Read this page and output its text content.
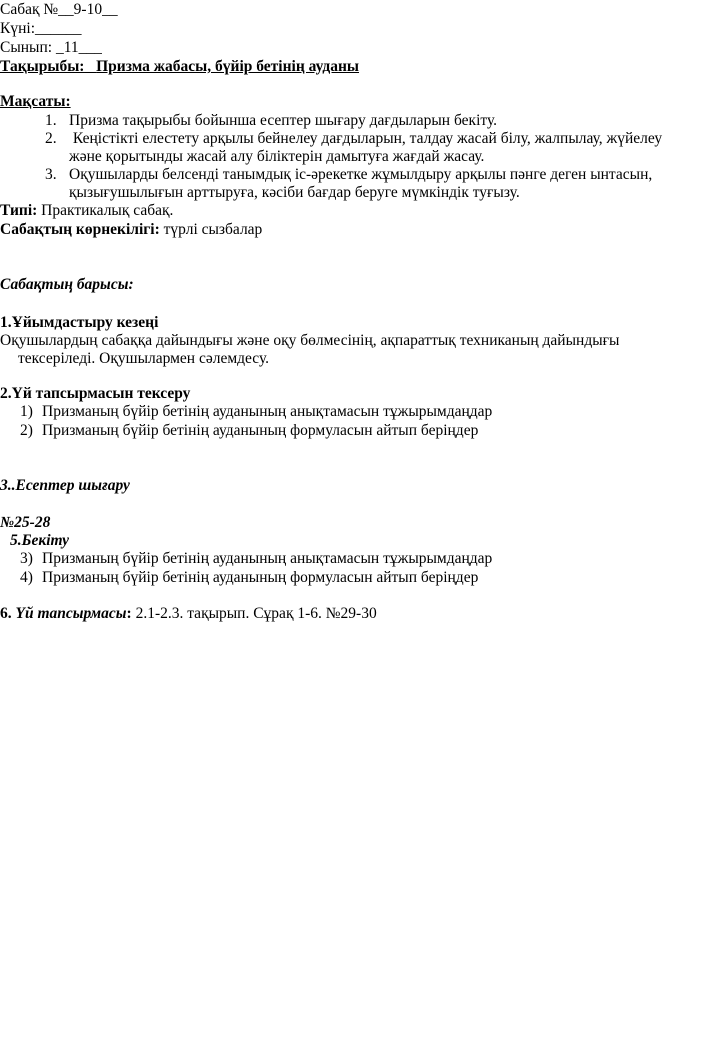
Сабақ №__9-10__
Күні:______
Сынып: _11___
Тақырыбы: Призма жабасы, бүйір бетінің ауданы
Мақсаты:
1. Призма тақырыбы бойынша есептер шығару дағдыларын бекіту.
2. Кеңістікті елестету арқылы бейнелеу дағдыларын, талдау жасай білу, жалпылау, жүйелеу
және қорытынды жасай алу біліктерін дамытуға жағдай жасау.
3. Оқушыларды белсенді танымдық іс-әрекетке жұмылдыру арқылы пәнге деген ынтасын,
қызығушылығын арттыруға, кәсіби бағдар беруге мүмкіндік туғызу.
Типі: Практикалық сабақ.
Сабақтың көрнекілігі: түрлі сызбалар
Сабақтың барысы:
1.Ұйымдастыру кезеңі
Оқушылардың сабаққа дайындығы және оқу бөлмесінің, ақпараттық техниканың дайындығы
тексеріледі. Оқушылармен сәлемдесу.
2.Үй тапсырмасын тексеру
1) Призманың бүйір бетінің ауданының анықтамасын тұжырымдаңдар
2) Призманың бүйір бетінің ауданының формуласын айтып беріңдер
3..Есептер шығару
№25-28
5.Бекіту
3) Призманың бүйір бетінің ауданының анықтамасын тұжырымдаңдар
4) Призманың бүйір бетінің ауданының формуласын айтып беріңдер
6. Үй тапсырмасы: 2.1-2.3. тақырып. Сұрақ 1-6. №29-30
